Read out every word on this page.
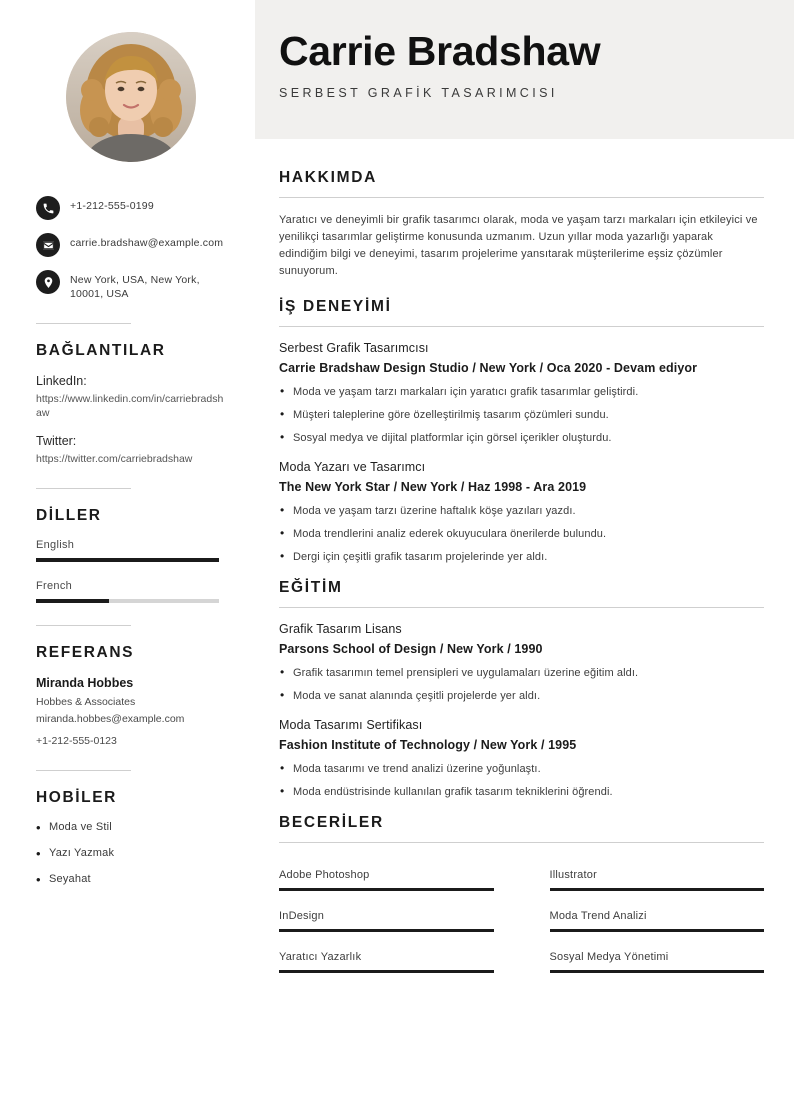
+1-212-555-0199
carrie.bradshaw@example.com
New York, USA, New York, 10001, USA
BAĞLANTILAR
LinkedIn:
https://www.linkedin.com/in/carriebradshaw
Twitter:
https://twitter.com/carriebradshaw
DİLLER
English
French
REFERANS
Miranda Hobbes
Hobbes & Associates
miranda.hobbes@example.com
+1-212-555-0123
HOBİLER
• Moda ve Stil
• Yazı Yazmak
• Seyahat
Carrie Bradshaw
SERBEST GRAFİK TASARIMCISI
HAKKIMDA
Yaratıcı ve deneyimli bir grafik tasarımcı olarak, moda ve yaşam tarzı markaları için etkileyici ve yenilikçi tasarımlar geliştirme konusunda uzmanım. Uzun yıllar moda yazarlığı yaparak edindiğim bilgi ve deneyimi, tasarım projelerime yansıtarak müşterilerime eşsiz çözümler sunuyorum.
İŞ DENEYİMİ
Serbest Grafik Tasarımcısı
Carrie Bradshaw Design Studio / New York / Oca 2020 - Devam ediyor
• Moda ve yaşam tarzı markaları için yaratıcı grafik tasarımlar geliştirdi.
• Müşteri taleplerine göre özelleştirilmiş tasarım çözümleri sundu.
• Sosyal medya ve dijital platformlar için görsel içerikler oluşturdu.
Moda Yazarı ve Tasarımcı
The New York Star / New York / Haz 1998 - Ara 2019
• Moda ve yaşam tarzı üzerine haftalık köşe yazıları yazdı.
• Moda trendlerini analiz ederek okuyuculara önerilerde bulundu.
• Dergi için çeşitli grafik tasarım projelerinde yer aldı.
EĞİTİM
Grafik Tasarım Lisans
Parsons School of Design / New York / 1990
• Grafik tasarımın temel prensipleri ve uygulamaları üzerine eğitim aldı.
• Moda ve sanat alanında çeşitli projelerde yer aldı.
Moda Tasarımı Sertifikası
Fashion Institute of Technology / New York / 1995
• Moda tasarımı ve trend analizi üzerine yoğunlaştı.
• Moda endüstrisinde kullanılan grafik tasarım tekniklerini öğrendi.
BECERİLER
Adobe Photoshop	Illustrator
InDesign	Moda Trend Analizi
Yaratıcı Yazarlık	Sosyal Medya Yönetimi
